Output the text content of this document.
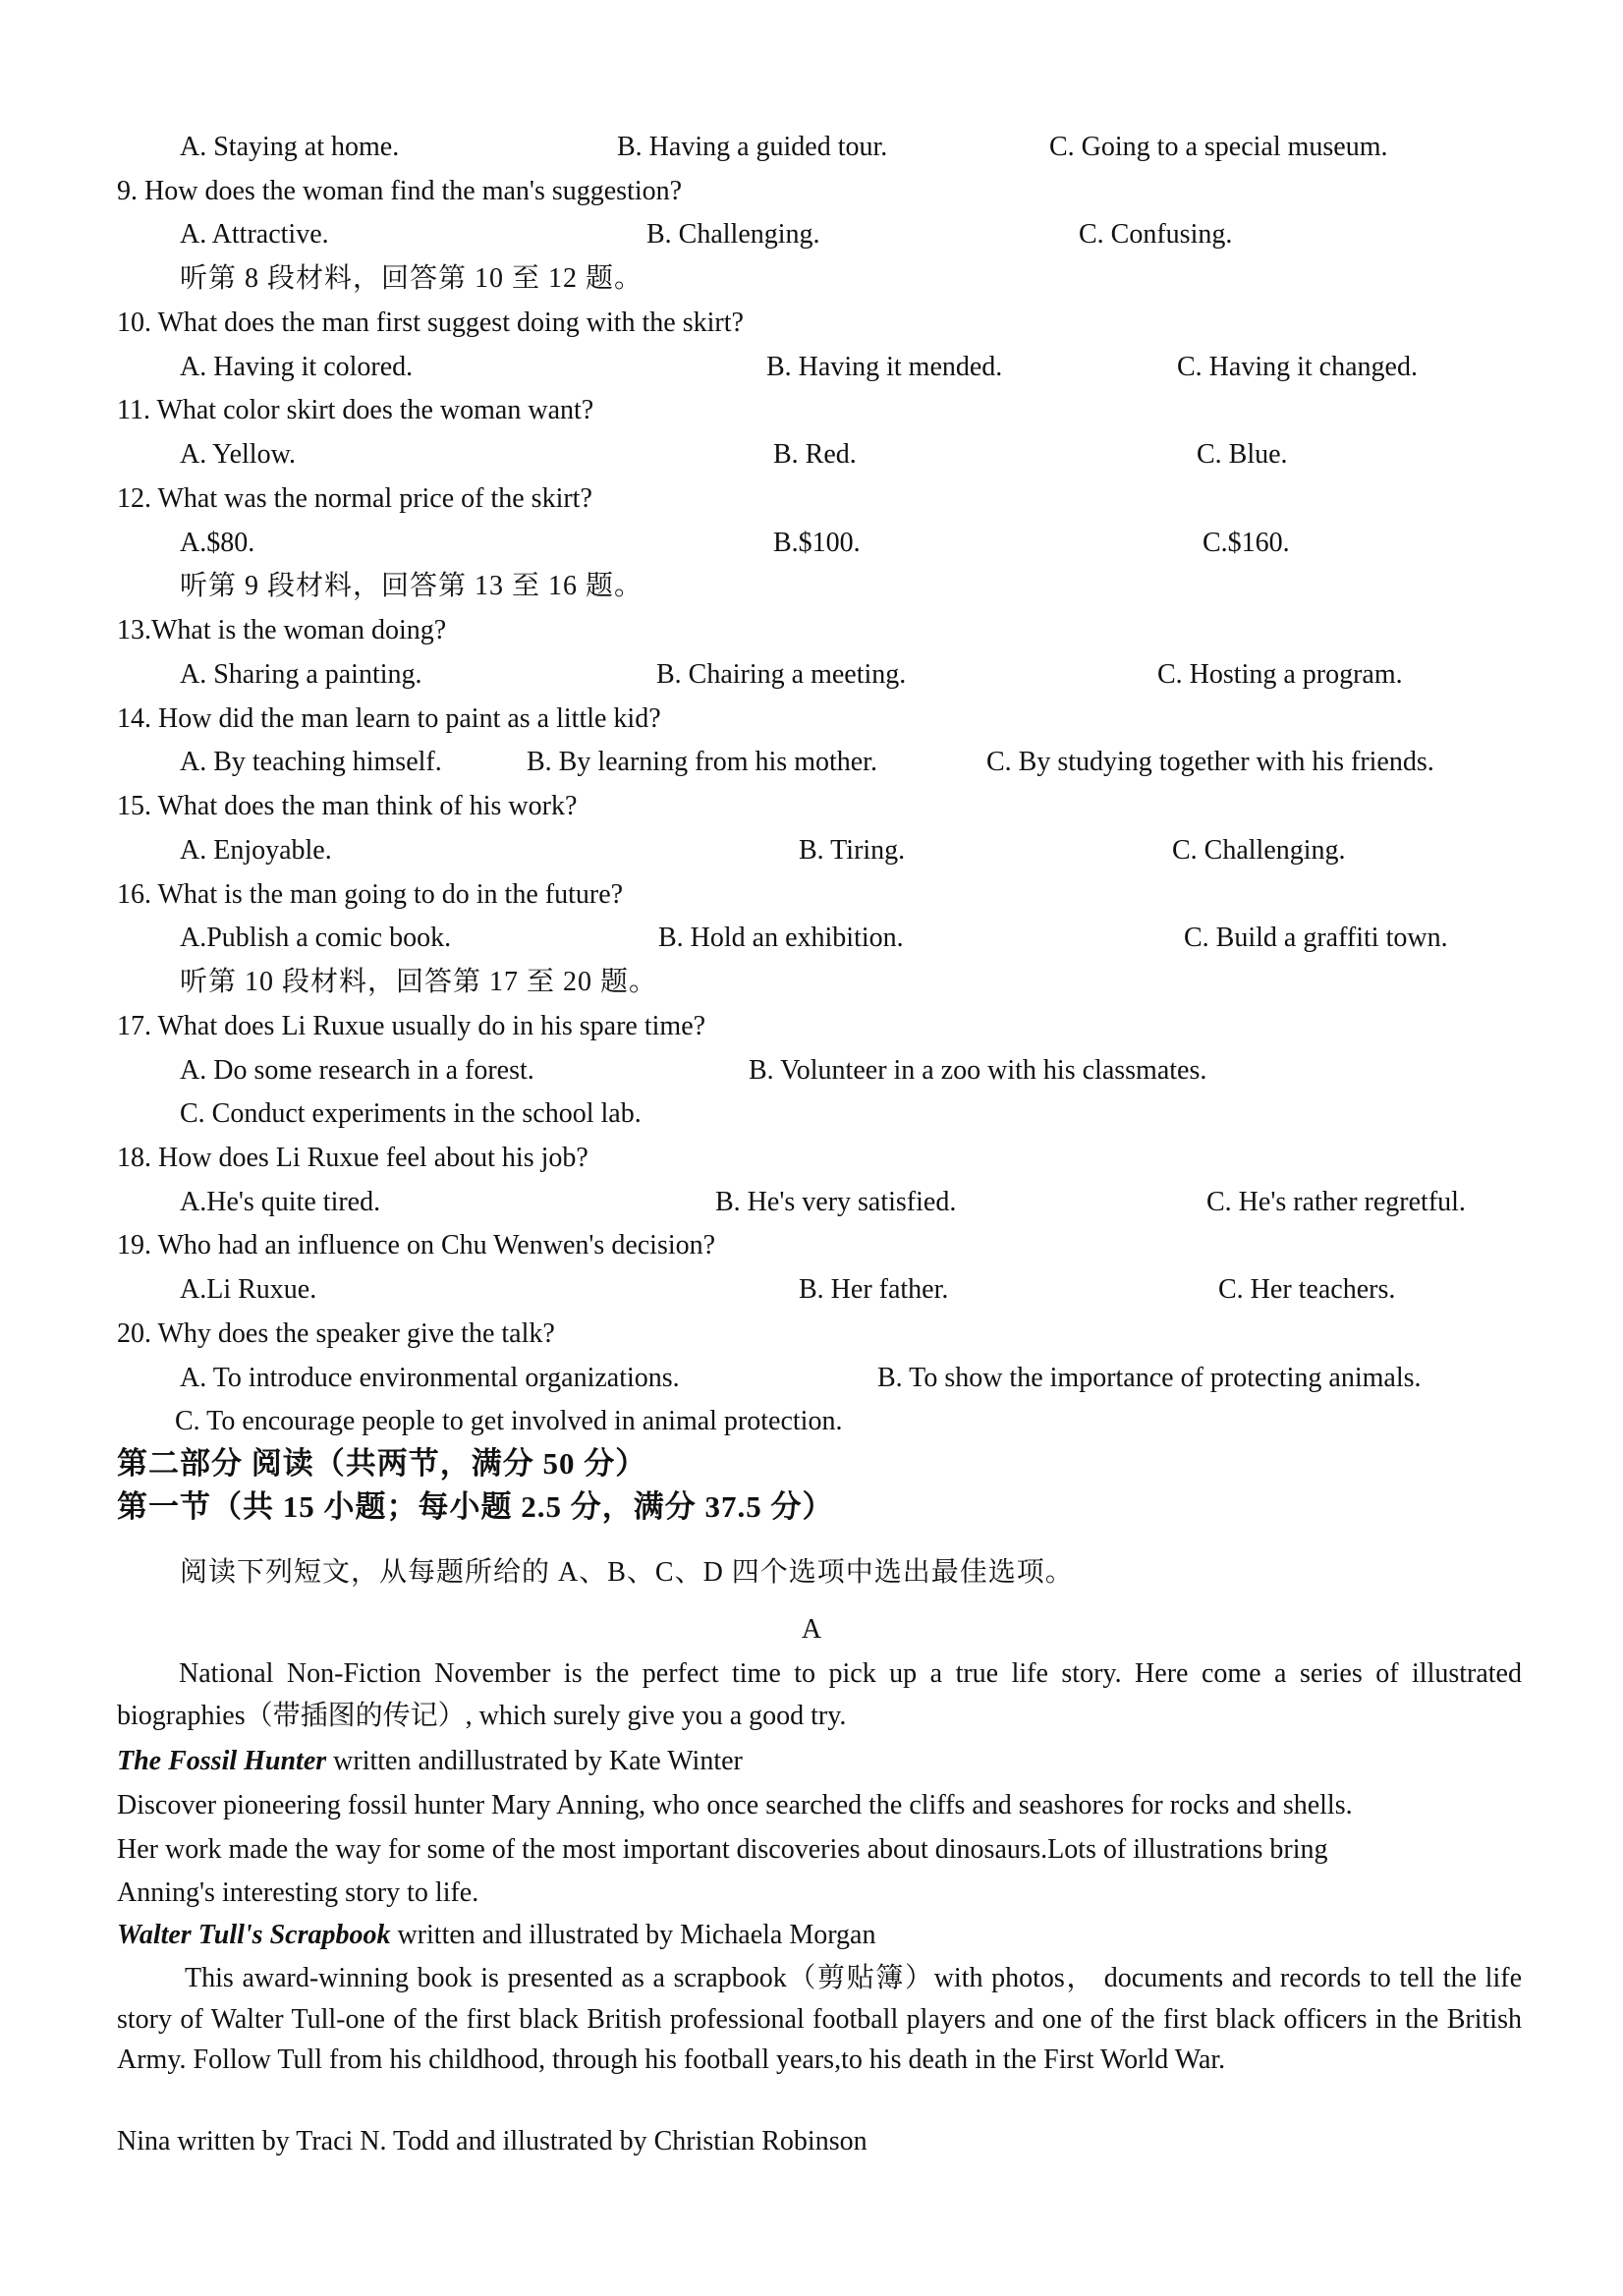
A. Staying at home.	B. Having a guided tour.	C. Going to a special museum.
9. How does the woman find the man's suggestion?
A. Attractive.	B. Challenging.	C. Confusing.
听第 8 段材料，回答第 10 至 12 题。
10. What does the man first suggest doing with the skirt?
A. Having it colored.	B. Having it mended.	C. Having it changed.
11. What color skirt does the woman want?
A. Yellow.	B. Red.	C. Blue.
12. What was the normal price of the skirt?
A.$80.	B.$100.	C.$160.
听第 9 段材料，回答第 13 至 16 题。
13.What is the woman doing?
A. Sharing a painting.	B. Chairing a meeting.	C. Hosting a program.
14. How did the man learn to paint as a little kid?
A. By teaching himself.	B. By learning from his mother.	C. By studying together with his friends.
15. What does the man think of his work?
A. Enjoyable.	B. Tiring.	C. Challenging.
16. What is the man going to do in the future?
A.Publish a comic book.	B. Hold an exhibition.	C. Build a graffiti town.
听第 10 段材料，回答第 17 至 20 题。
17. What does Li Ruxue usually do in his spare time?
A. Do some research in a forest.	B. Volunteer in a zoo with his classmates.
C. Conduct experiments in the school lab.
18. How does Li Ruxue feel about his job?
A.He's quite tired.	B. He's very satisfied.	C. He's rather regretful.
19. Who had an influence on Chu Wenwen's decision?
A.Li Ruxue.	B. Her father.	C. Her teachers.
20. Why does the speaker give the talk?
A. To introduce environmental organizations.	B. To show the importance of protecting animals.
C. To encourage people to get involved in animal protection.
第二部分 阅读（共两节，满分 50 分）
第一节（共 15 小题；每小题 2.5 分，满分 37.5 分）
阅读下列短文，从每题所给的 A、B、C、D 四个选项中选出最佳选项。
A
National Non-Fiction November is the perfect time to pick up a true life story. Here come a series of illustrated biographies（带插图的传记）, which surely give you a good try.
The Fossil Hunter written andillustrated by Kate Winter
Discover pioneering fossil hunter Mary Anning, who once searched the cliffs and seashores for rocks and shells.
Her work made the way for some of the most important discoveries about dinosaurs.Lots of illustrations bring
Anning's interesting story to life.
Walter Tull's Scrapbook written and illustrated by Michaela Morgan
This award-winning book is presented as a scrapbook（剪贴簿）with photos， documents and records to tell the life story of Walter Tull-one of the first black British professional football players and one of the first black officers in the British Army. Follow Tull from his childhood, through his football years,to his death in the First World War.
Nina written by Traci N. Todd and illustrated by Christian Robinson
